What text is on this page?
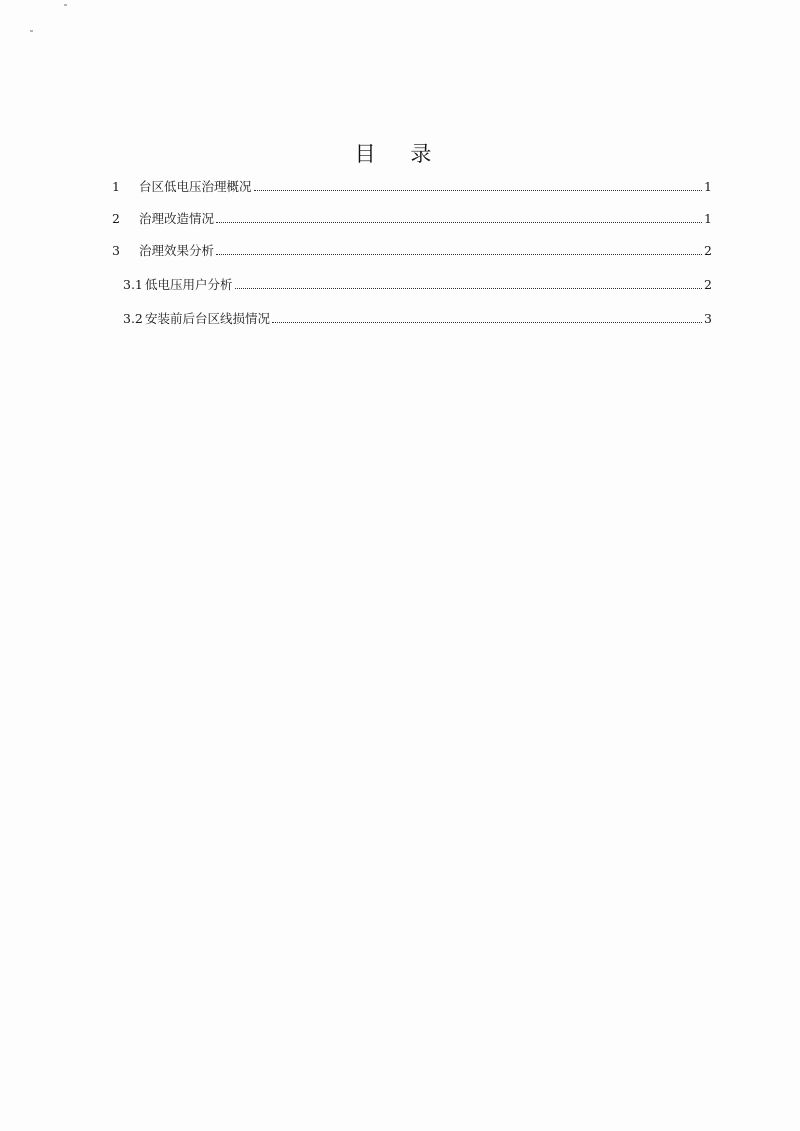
目 录
1	台区低电压治理概况	1
2	治理改造情况	1
3	治理效果分析	2
3.1 低电压用户分析	2
3.2 安装前后台区线损情况	3
